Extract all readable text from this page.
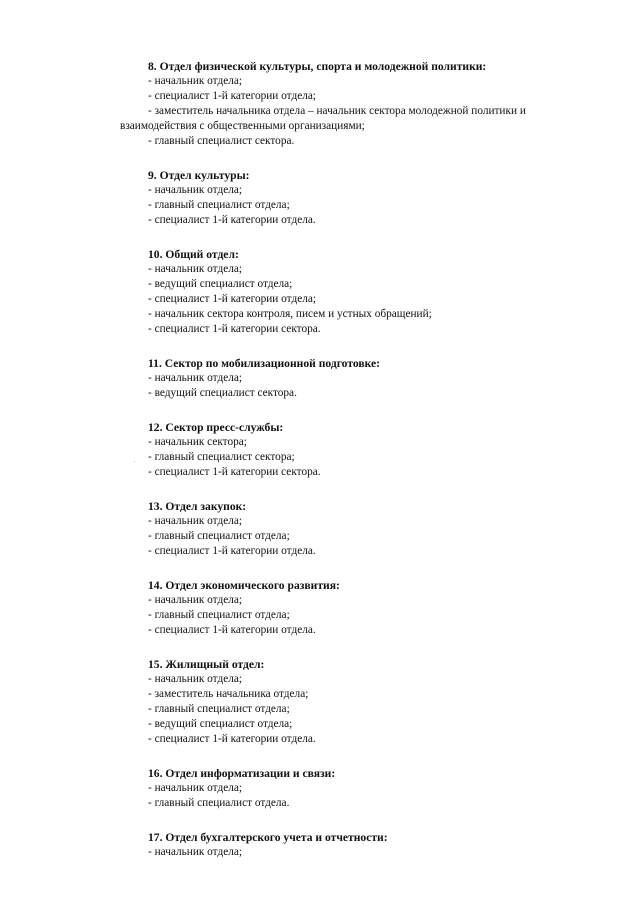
8. Отдел физической культуры, спорта и молодежной политики:

- начальник отдела;

- специалист 1-й категории отдела;

- заместитель начальника отдела – начальник сектора молодежной политики и взаимодействия с общественными организациями;

- главный специалист сектора.

9. Отдел культуры:

- начальник отдела;

- главный специалист отдела;

- специалист 1-й категории отдела.

10. Общий отдел:

- начальник отдела;

- ведущий специалист отдела;

- специалист 1-й категории отдела;

- начальник сектора контроля, писем и устных обращений;

- специалист 1-й категории сектора.

11. Сектор по мобилизационной подготовке:

- начальник отдела;

- ведущий специалист сектора.

12. Сектор пресс-службы:

- начальник сектора;

- главный специалист сектора;

- специалист 1-й категории сектора.

13. Отдел закупок:

- начальник отдела;

- главный специалист отдела;

- специалист 1-й категории отдела.

14. Отдел экономического развития:

- начальник отдела;

- главный специалист отдела;

- специалист 1-й категории отдела.

15. Жилищный отдел:

- начальник отдела;

- заместитель начальника отдела;

- главный специалист отдела;

- ведущий специалист отдела;

- специалист 1-й категории отдела.

16. Отдел информатизации и связи:

- начальник отдела;

- главный специалист отдела.

17. Отдел бухгалтерского учета и отчетности:

- начальник отдела;
